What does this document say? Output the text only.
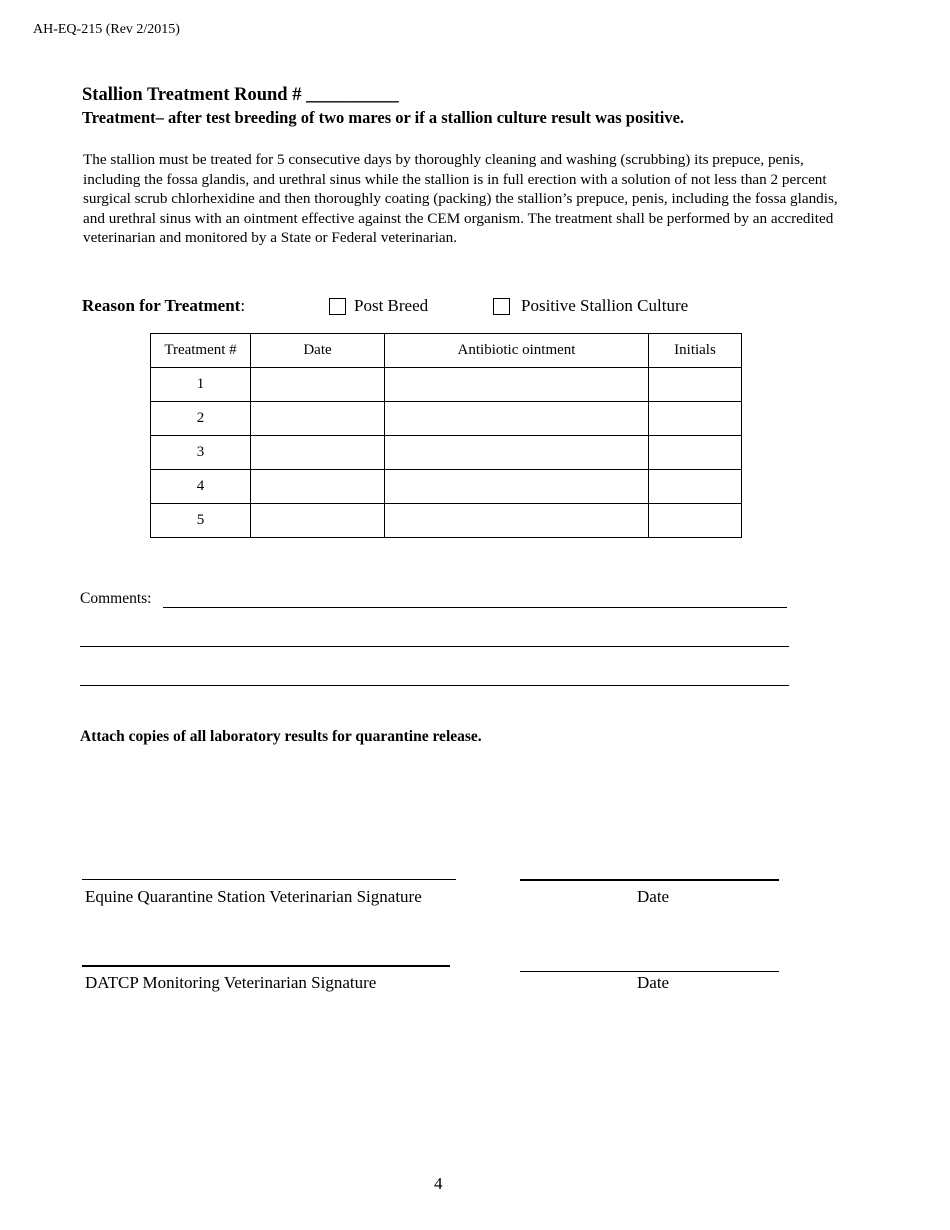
AH-EQ-215 (Rev 2/2015)
Stallion Treatment Round # __________
Treatment– after test breeding of two mares or if a stallion culture result was positive.
The stallion must be treated for 5 consecutive days by thoroughly cleaning and washing (scrubbing) its prepuce, penis, including the fossa glandis, and urethral sinus while the stallion is in full erection with a solution of not less than 2 percent surgical scrub chlorhexidine and then thoroughly coating (packing) the stallion’s prepuce, penis, including the fossa glandis, and urethral sinus with an ointment effective against the CEM organism. The treatment shall be performed by an accredited veterinarian and monitored by a State or Federal veterinarian.
Reason for Treatment:	Post Breed	Positive Stallion Culture
Treatment #	Date	Antibiotic ointment	Initials
1			
2			
3			
4			
5			
Comments:
Attach copies of all laboratory results for quarantine release.
Equine Quarantine Station Veterinarian Signature	Date
DATCP Monitoring Veterinarian Signature	Date
4
